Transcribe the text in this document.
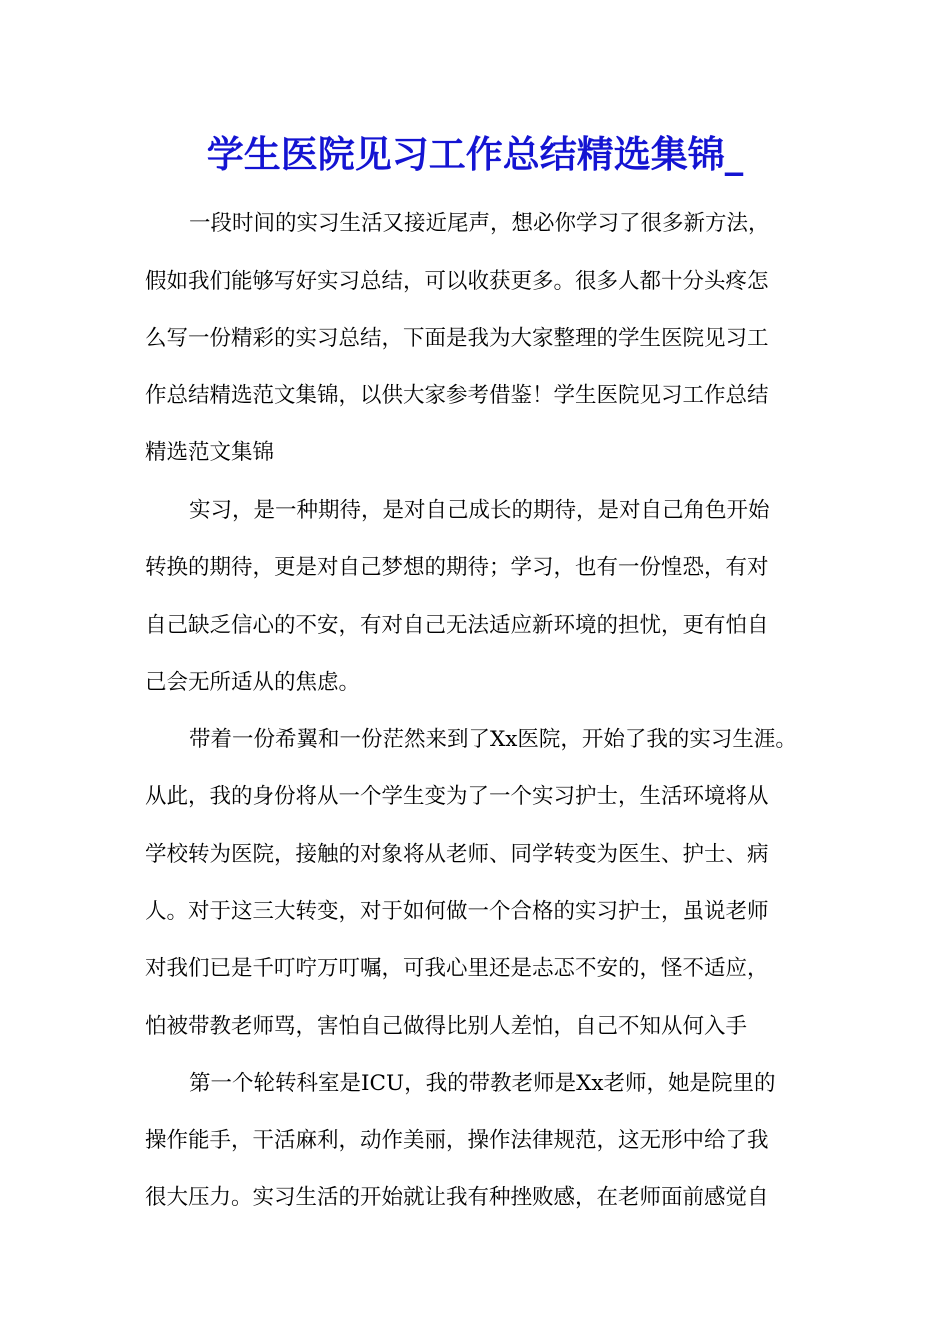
学生医院见习工作总结精选集锦_
一段时间的实习生活又接近尾声，想必你学习了很多新方法，
假如我们能够写好实习总结，可以收获更多。很多人都十分头疼怎
么写一份精彩的实习总结，下面是我为大家整理的学生医院见习工
作总结精选范文集锦，以供大家参考借鉴！学生医院见习工作总结
精选范文集锦
实习，是一种期待，是对自己成长的期待，是对自己角色开始
转换的期待，更是对自己梦想的期待；学习，也有一份惶恐，有对
自己缺乏信心的不安，有对自己无法适应新环境的担忧，更有怕自
己会无所适从的焦虑。
带着一份希翼和一份茫然来到了Xx医院，开始了我的实习生涯。
从此，我的身份将从一个学生变为了一个实习护士，生活环境将从
学校转为医院，接触的对象将从老师、同学转变为医生、护士、病
人。对于这三大转变，对于如何做一个合格的实习护士，虽说老师
对我们已是千叮咛万叮嘱，可我心里还是忐忑不安的，怪不适应，
怕被带教老师骂，害怕自己做得比别人差怕，自己不知从何入手
第一个轮转科室是ICU，我的带教老师是Xx老师，她是院里的
操作能手，干活麻利，动作美丽，操作法律规范，这无形中给了我
很大压力。实习生活的开始就让我有种挫败感，在老师面前感觉自
